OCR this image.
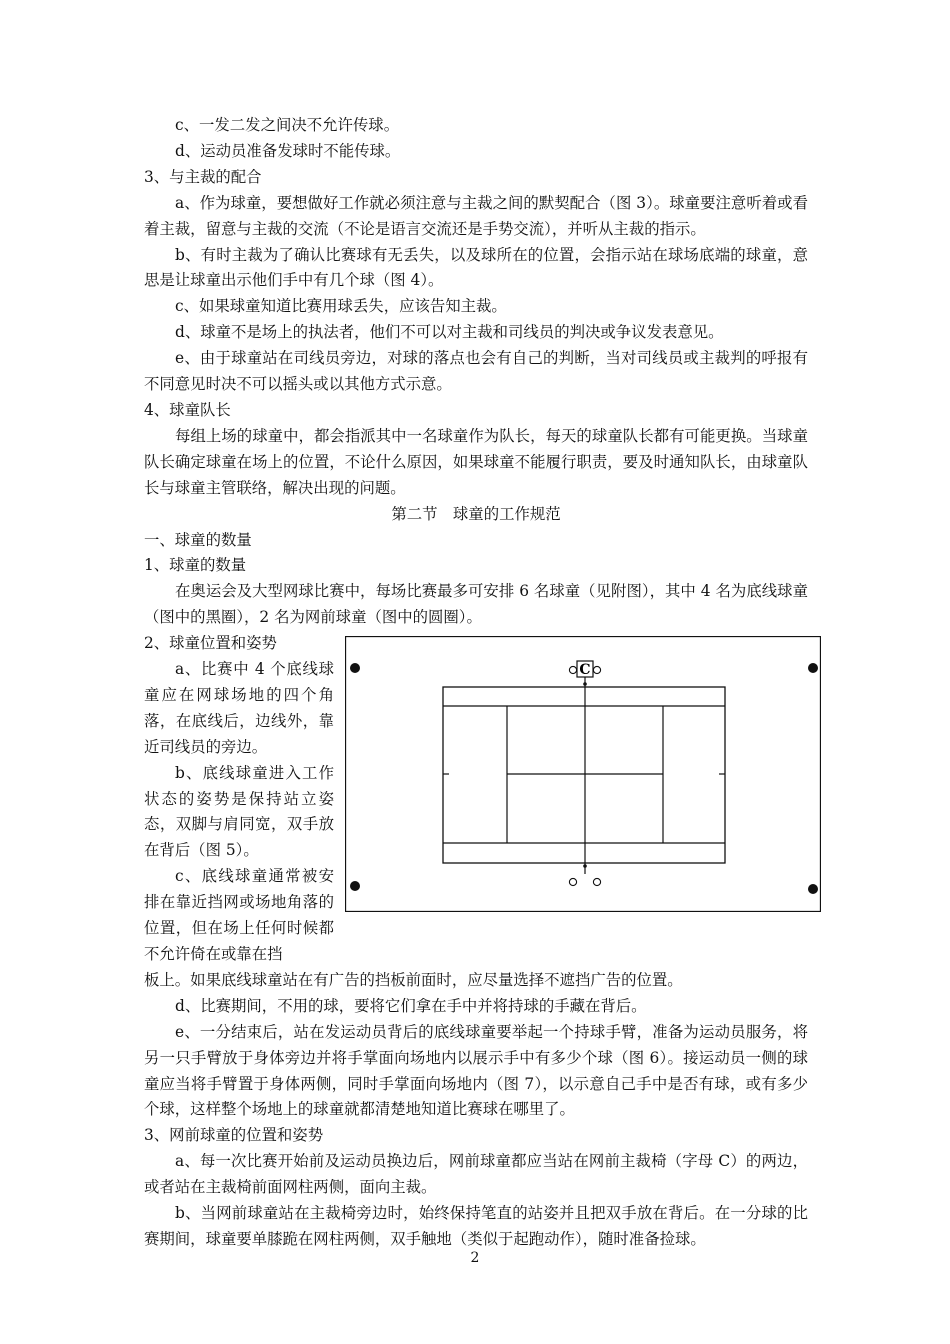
c、一发二发之间决不允许传球。

d、运动员准备发球时不能传球。

3、与主裁的配合

a、作为球童，要想做好工作就必须注意与主裁之间的默契配合（图 3）。球童要注意听着或看着主裁，留意与主裁的交流（不论是语言交流还是手势交流），并听从主裁的指示。

b、有时主裁为了确认比赛球有无丢失，以及球所在的位置，会指示站在球场底端的球童，意思是让球童出示他们手中有几个球（图 4）。

c、如果球童知道比赛用球丢失，应该告知主裁。

d、球童不是场上的执法者，他们不可以对主裁和司线员的判决或争议发表意见。

e、由于球童站在司线员旁边，对球的落点也会有自己的判断，当对司线员或主裁判的呼报有不同意见时决不可以摇头或以其他方式示意。

4、球童队长

每组上场的球童中，都会指派其中一名球童作为队长，每天的球童队长都有可能更换。当球童队长确定球童在场上的位置，不论什么原因，如果球童不能履行职责，要及时通知队长，由球童队长与球童主管联络，解决出现的问题。

第二节　球童的工作规范

一、球童的数量

1、球童的数量

在奥运会及大型网球比赛中，每场比赛最多可安排 6 名球童（见附图），其中 4 名为底线球童（图中的黑圈），2 名为网前球童（图中的圆圈）。

2、球童位置和姿势

a、比赛中 4 个底线球童应在网球场地的四个角落，在底线后，边线外，靠近司线员的旁边。

b、底线球童进入工作状态的姿势是保持站立姿态，双脚与肩同宽，双手放在背后（图 5）。

c、底线球童通常被安排在靠近挡网或场地角落的位置，但在场上任何时候都不允许倚在或靠在挡

板上。如果底线球童站在有广告的挡板前面时，应尽量选择不遮挡广告的位置。

d、比赛期间，不用的球，要将它们拿在手中并将持球的手藏在背后。

e、一分结束后，站在发运动员背后的底线球童要举起一个持球手臂，准备为运动员服务，将另一只手臂放于身体旁边并将手掌面向场地内以展示手中有多少个球（图 6）。接运动员一侧的球童应当将手臂置于身体两侧，同时手掌面向场地内（图 7），以示意自己手中是否有球，或有多少个球，这样整个场地上的球童就都清楚地知道比赛球在哪里了。

3、网前球童的位置和姿势

a、每一次比赛开始前及运动员换边后，网前球童都应当站在网前主裁椅（字母 C）的两边，或者站在主裁椅前面网柱两侧，面向主裁。

b、当网前球童站在主裁椅旁边时，始终保持笔直的站姿并且把双手放在背后。在一分球的比赛期间，球童要单膝跪在网柱两侧，双手触地（类似于起跑动作），随时准备捡球。

C
2
